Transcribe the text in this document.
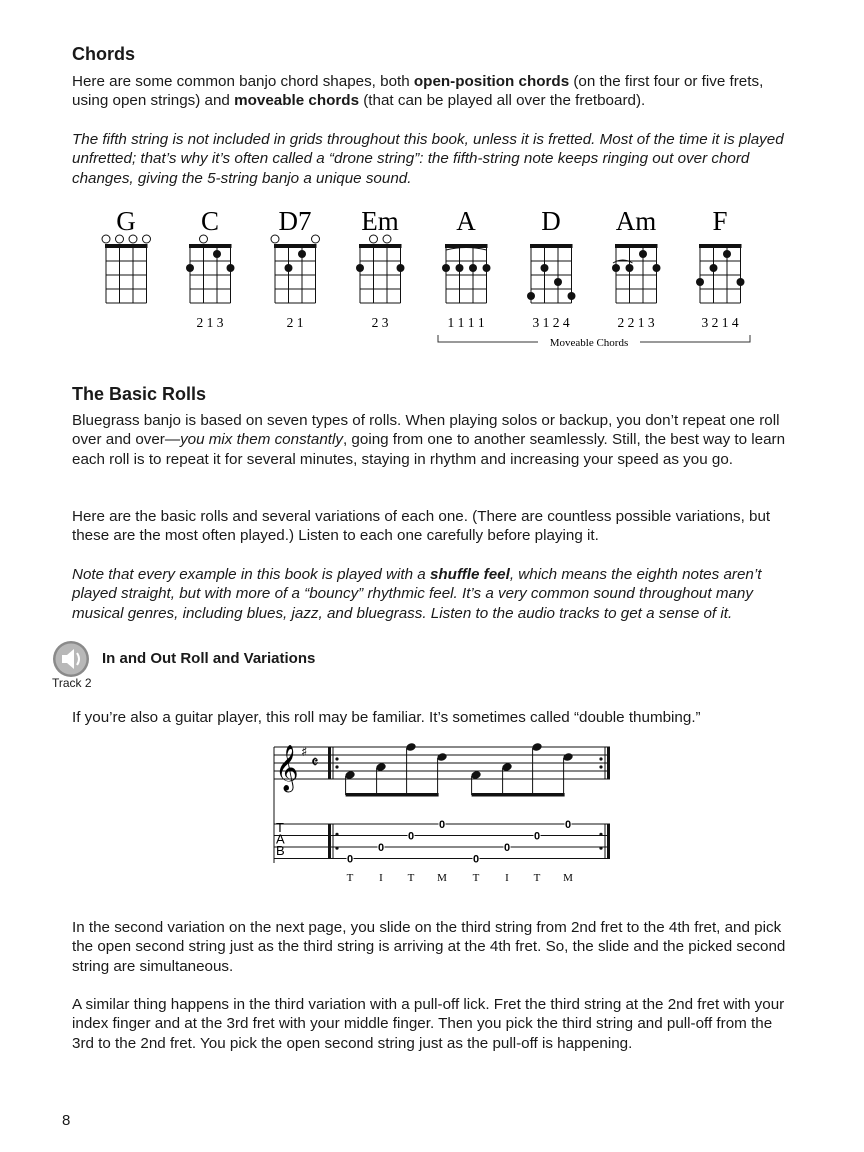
Chords

Here are some common banjo chord shapes, both open-position chords (on the first four or five frets, using open strings) and moveable chords (that can be played all over the fretboard).

The fifth string is not included in grids throughout this book, unless it is fretted. Most of the time it is played unfretted; that’s why it’s often called a “drone string”: the fifth-string note keeps ringing out over chord changes, giving the 5-string banjo a unique sound.

G C
2 1 3
D7
2 1
Em
2 3
A
1 1 1 1
D
3 1 2 4
Am
2 2 1 3
F
3 2 1 4
Moveable Chords
The Basic Rolls

Bluegrass banjo is based on seven types of rolls. When playing solos or backup, you don’t repeat one roll over and over—you mix them constantly, going from one to another seamlessly. Still, the best way to learn each roll is to repeat it for several minutes, staying in rhythm and increasing your speed as you go.

Here are the basic rolls and several variations of each one. (There are countless possible variations, but these are the most often played.) Listen to each one carefully before playing it.

Note that every example in this book is played with a shuffle feel, which means the eighth notes aren’t played straight, but with more of a “bouncy” rhythmic feel. It’s a very common sound throughout many musical genres, including blues, jazz, and bluegrass. Listen to the audio tracks to get a sense of it.

Track 2
In and Out Roll and Variations

If you’re also a guitar player, this roll may be familiar. It’s sometimes called “double thumbing.”

𝄞 ♯
𝄵
T
A
B
0
0
0
0
0
0
0
0
T I T M T I T M

In the second variation on the next page, you slide on the third string from 2nd fret to the 4th fret, and pick the open second string just as the third string is arriving at the 4th fret. So, the slide and the picked second string are simultaneous.

A similar thing happens in the third variation with a pull-off lick. Fret the third string at the 2nd fret with your index finger and at the 3rd fret with your middle finger. Then you pick the third string and pull-off from the 3rd to the 2nd fret. You pick the open second string just as the pull-off is happening.

8
